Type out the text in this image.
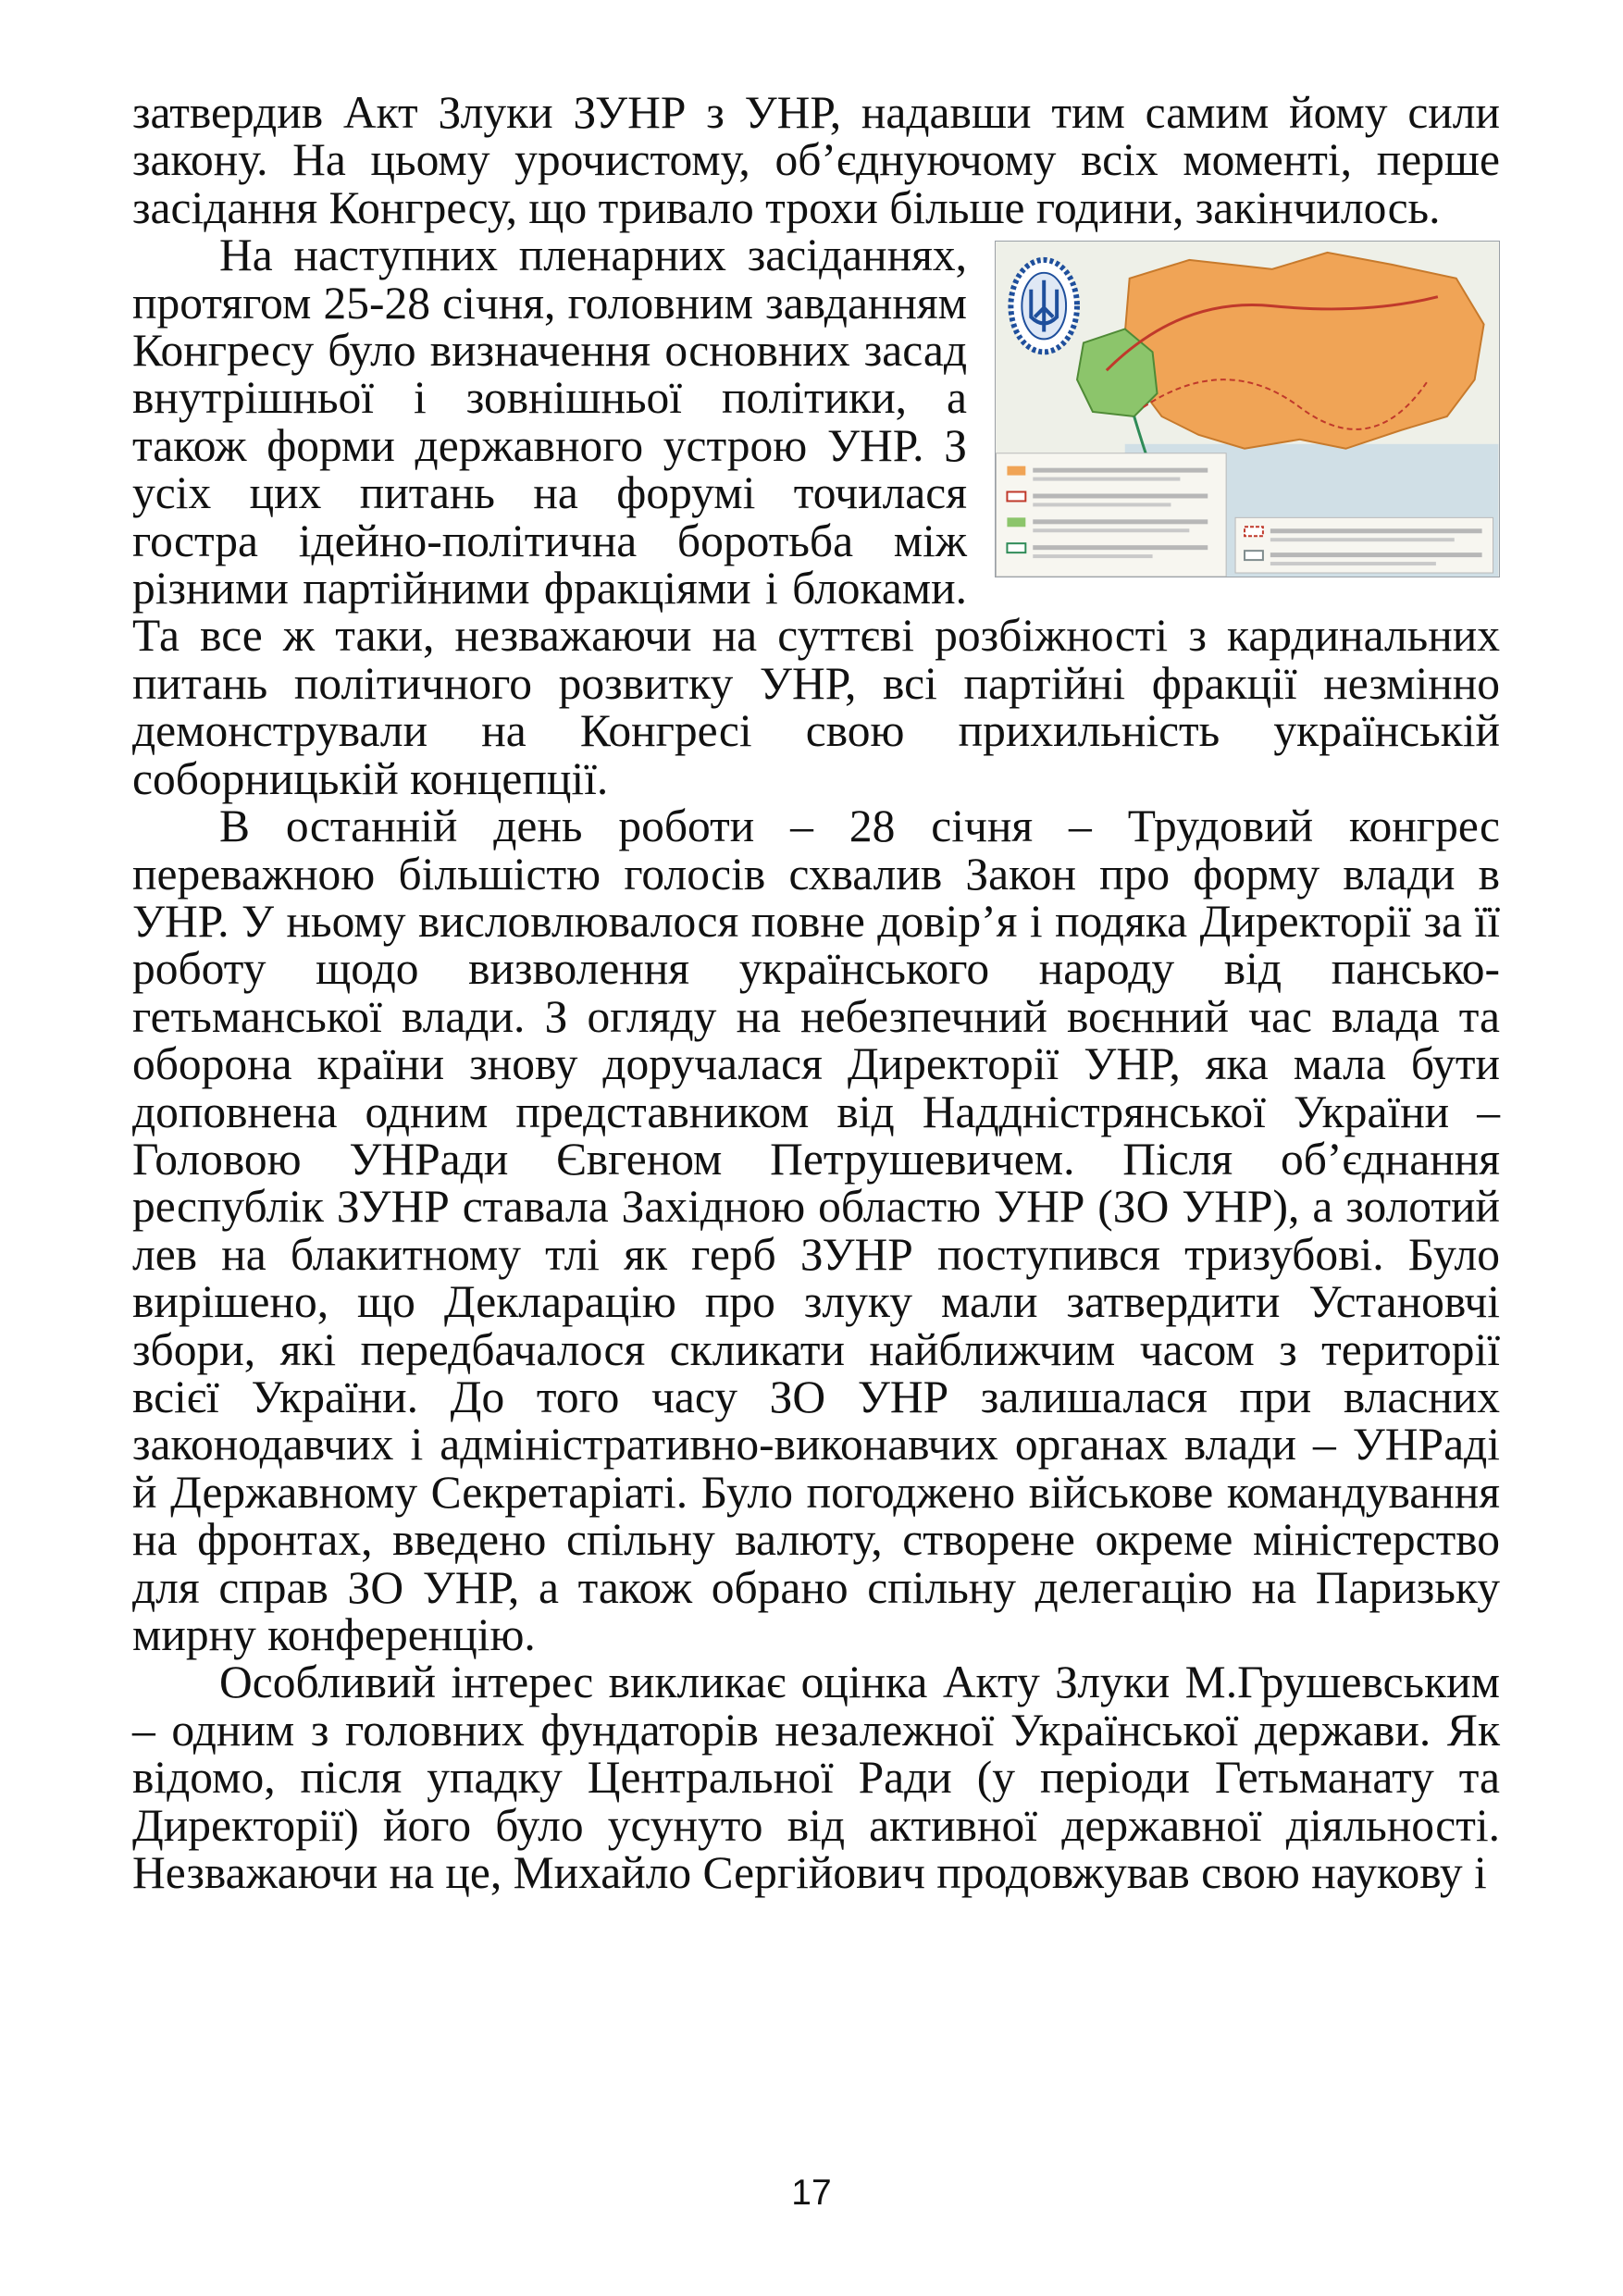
затвердив Акт Злуки ЗУНР з УНР, надавши тим самим йому сили закону. На цьому урочистому, об’єднуючому всіх моменті, перше засідання Конгресу, що тривало трохи більше години, закінчилось.

На наступних пленарних засіданнях, протягом 25-28 січня, головним завданням Конгресу було визначення основних засад внутрішньої і зовнішньої політики, а також форми державного устрою УНР. З усіх цих питань на форумі точилася гостра ідейно-політична боротьба між різними партійними фракціями і блоками. Та все ж таки, незважаючи на суттєві розбіжності з кардинальних питань політичного розвитку УНР, всі партійні фракції незмінно демонстрували на Конгресі свою прихильність українській соборницькій концепції.

В останній день роботи – 28 січня – Трудовий конгрес переважною більшістю голосів схвалив Закон про форму влади в УНР. У ньому висловлювалося повне довір’я і подяка Директорії за її роботу щодо визволення українського народу від пансько-гетьманської влади. З огляду на небезпечний воєнний час влада та оборона країни знову доручалася Директорії УНР, яка мала бути доповнена одним представником від Наддністрянської України – Головою УНРади Євгеном Петрушевичем. Після об’єднання республік ЗУНР ставала Західною областю УНР (ЗО УНР), а золотий лев на блакитному тлі як герб ЗУНР поступився тризубові. Було вирішено, що Декларацію про злуку мали затвердити Установчі збори, які передбачалося скликати найближчим часом з території всієї України. До того часу ЗО УНР залишалася при власних законодавчих і адміністративно-виконавчих органах влади – УНРаді й Державному Секретаріаті. Було погоджено військове командування на фронтах, введено спільну валюту, створене окреме міністерство для справ ЗО УНР, а також обрано спільну делегацію на Паризьку мирну конференцію.

Особливий інтерес викликає оцінка Акту Злуки М.Грушевським – одним з головних фундаторів незалежної Української держави. Як відомо, після упадку Центральної Ради (у періоди Гетьманату та Директорії) його було усунуто від активної державної діяльності. Незважаючи на це, Михайло Сергійович продовжував свою наукову і

17
